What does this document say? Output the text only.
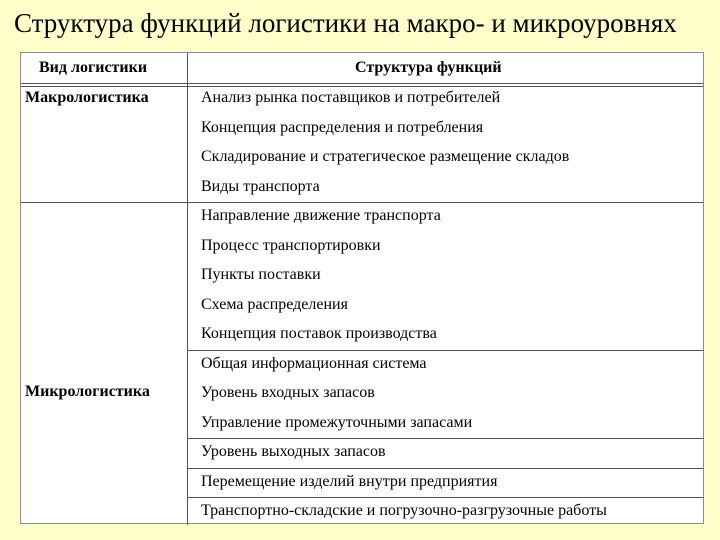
Структура функций логистики на макро- и микроуровнях
Вид логистики	Структура функций
Макрологистика
Микрологистика
Анализ рынка поставщиков и потребителей
Концепция распределения и потребления
Складирование и стратегическое размещение складов
Виды транспорта
Направление движение транспорта
Процесс транспортировки
Пункты поставки
Схема распределения
Концепция поставок производства
Общая информационная система
Уровень входных запасов
Управление промежуточными запасами
Уровень выходных запасов
Перемещение изделий внутри предприятия
Транспортно-складские и погрузочно-разгрузочные работы
